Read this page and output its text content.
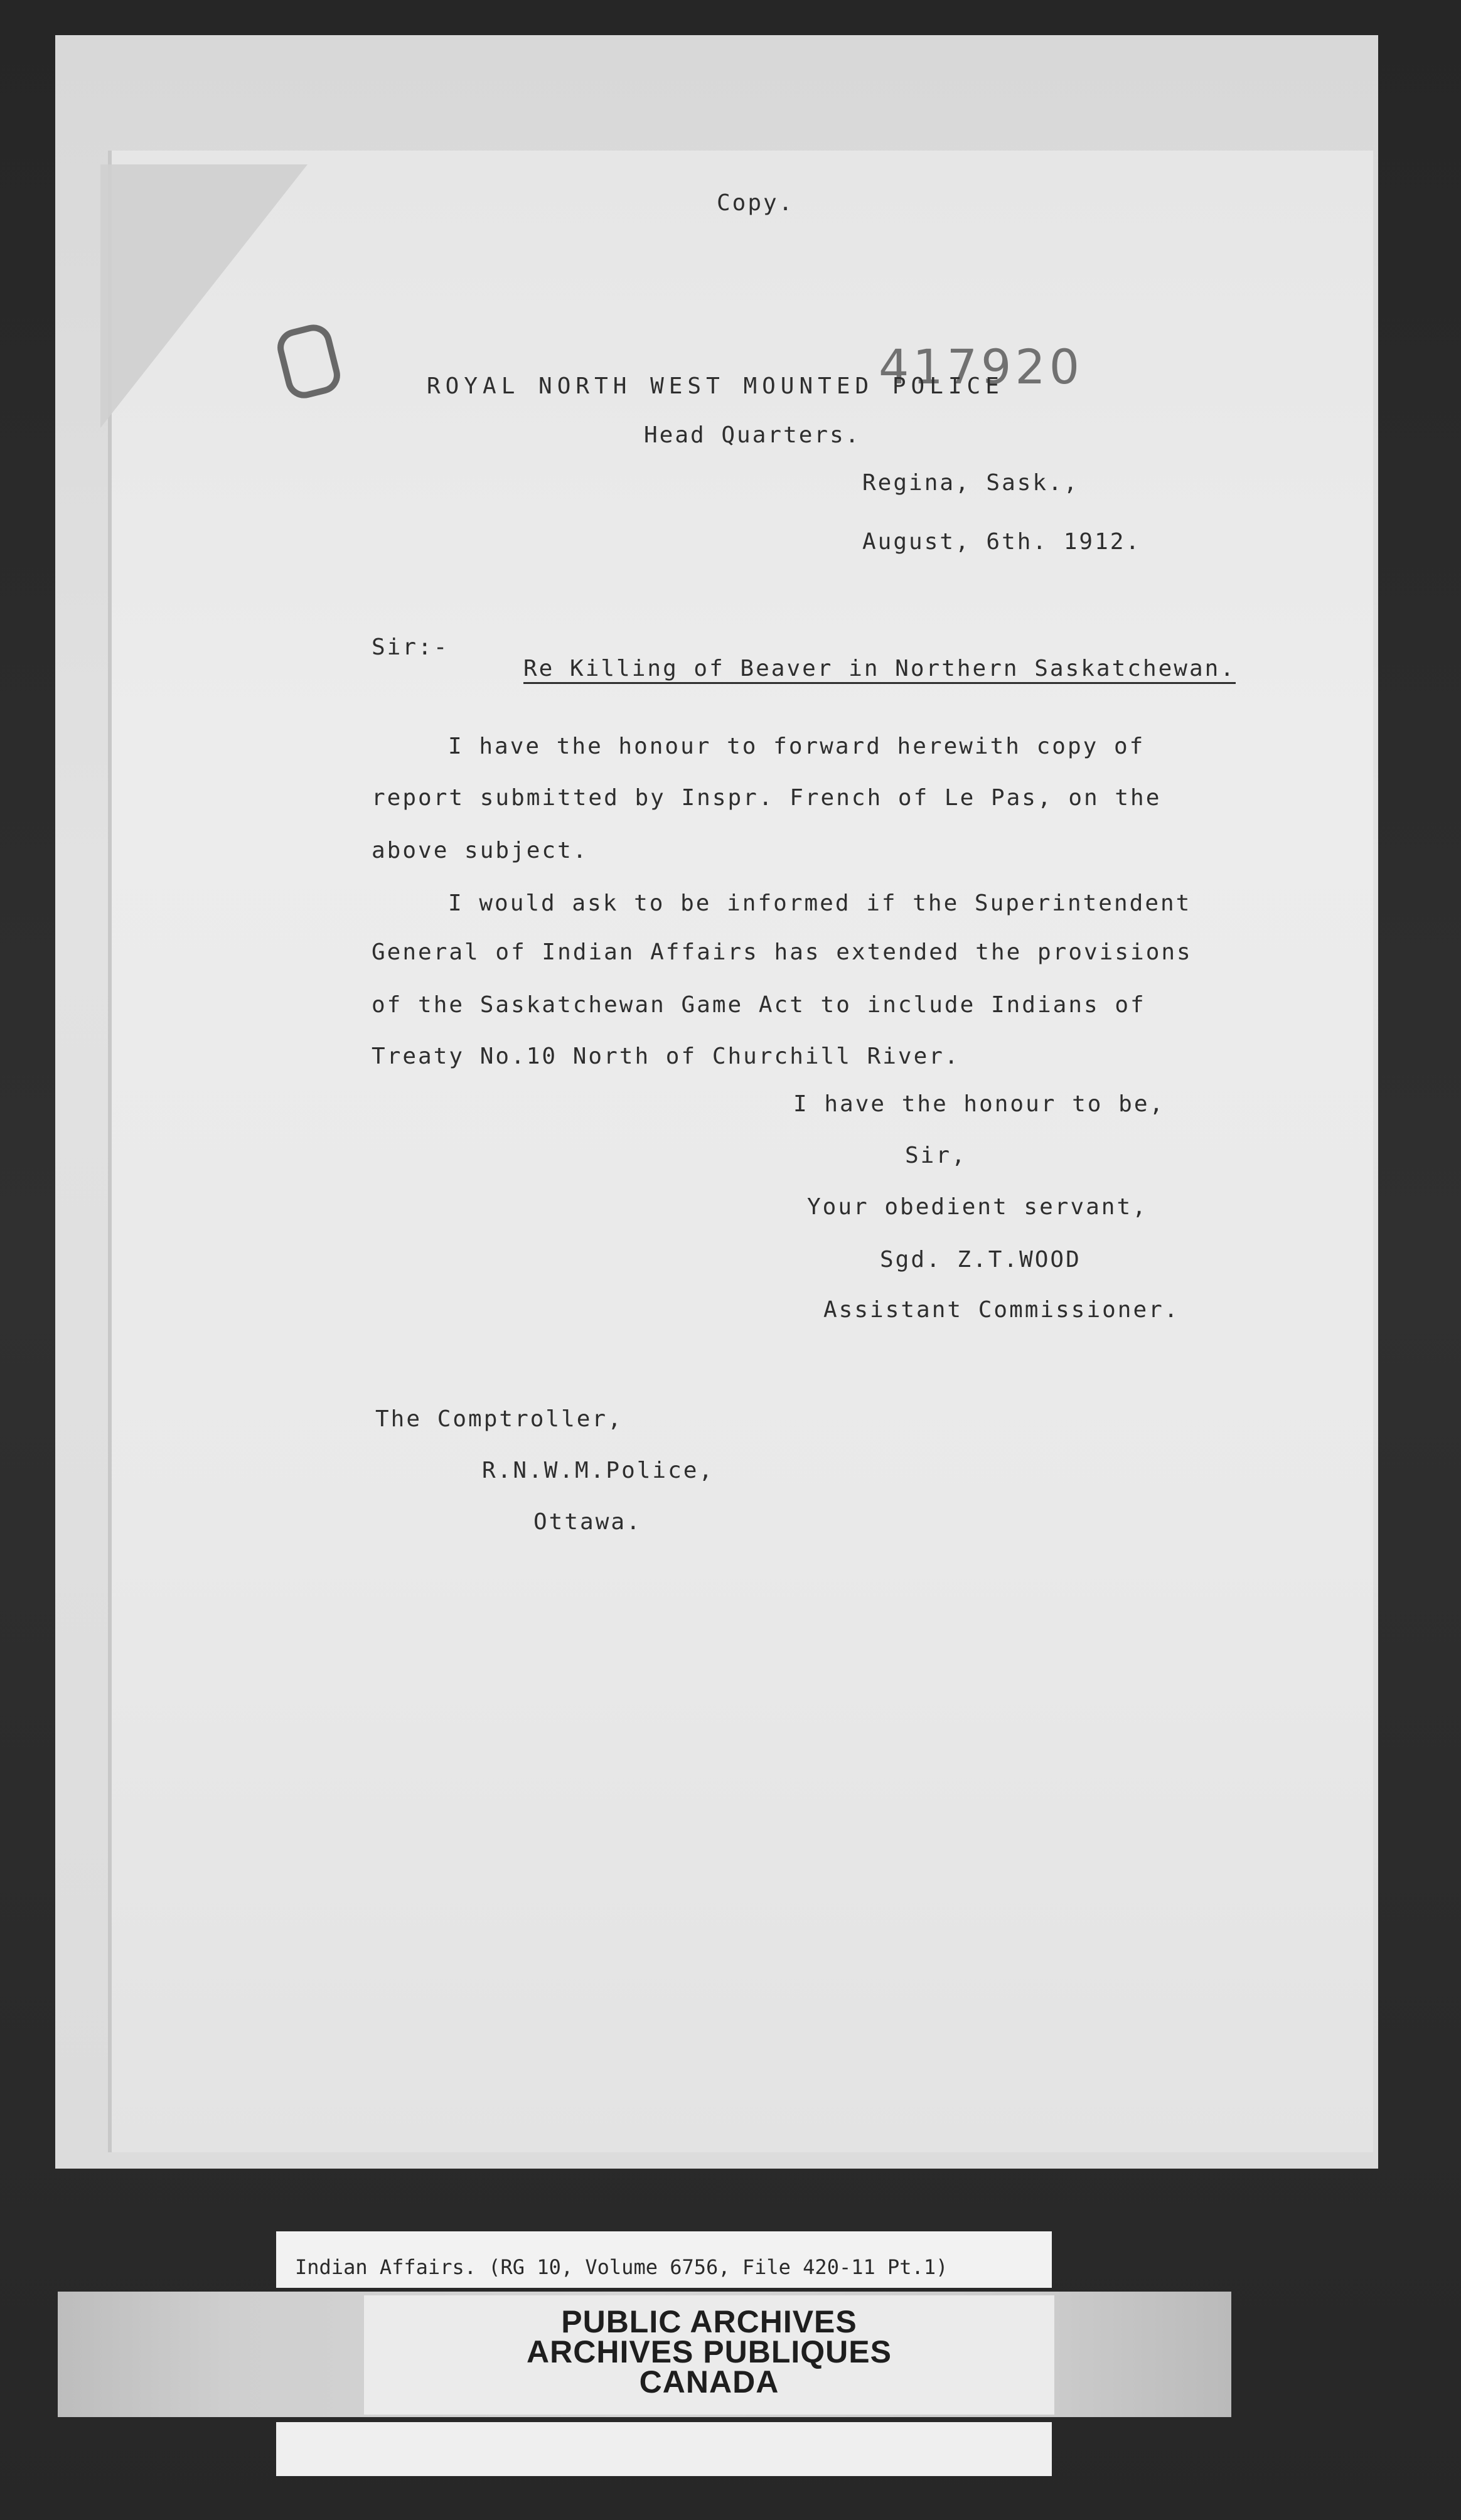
Copy.
417920
ROYAL NORTH WEST MOUNTED POLICE
Head Quarters.
Regina, Sask.,
August, 6th. 1912.
Sir:-
Re Killing of Beaver in Northern Saskatchewan.
I have the honour to forward herewith copy of
report submitted by Inspr. French of Le Pas, on the
above subject.
I would ask to be informed if the Superintendent
General of Indian Affairs has extended the provisions
of the Saskatchewan Game Act to include Indians of
Treaty No.10 North of Churchill River.
I have the honour to be,
Sir,
Your obedient servant,
Sgd. Z.T.WOOD
Assistant Commissioner.
The Comptroller,
R.N.W.M.Police,
Ottawa.
Indian Affairs. (RG 10, Volume 6756, File 420-11 Pt.1)
PUBLIC ARCHIVES
ARCHIVES PUBLIQUES
CANADA
